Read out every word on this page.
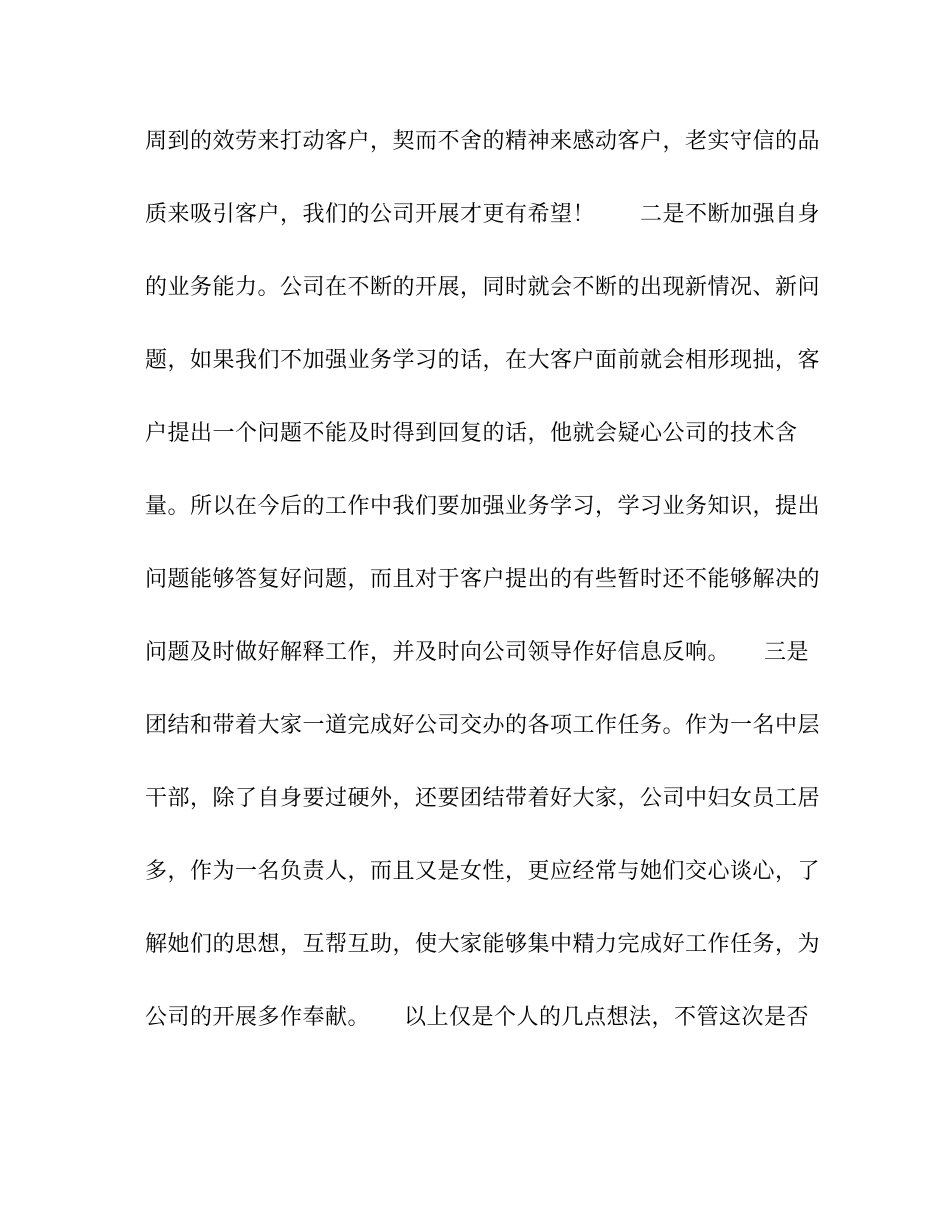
周到的效劳来打动客户，契而不舍的精神来感动客户，老实守信的品
质来吸引客户，我们的公司开展才更有希望！　　二是不断加强自身
的业务能力。公司在不断的开展，同时就会不断的出现新情况、新问
题，如果我们不加强业务学习的话，在大客户面前就会相形现拙，客
户提出一个问题不能及时得到回复的话，他就会疑心公司的技术含
量。所以在今后的工作中我们要加强业务学习，学习业务知识，提出
问题能够答复好问题，而且对于客户提出的有些暂时还不能够解决的
问题及时做好解释工作，并及时向公司领导作好信息反响。　　三是
团结和带着大家一道完成好公司交办的各项工作任务。作为一名中层
干部，除了自身要过硬外，还要团结带着好大家，公司中妇女员工居
多，作为一名负责人，而且又是女性，更应经常与她们交心谈心，了
解她们的思想，互帮互助，使大家能够集中精力完成好工作任务，为
公司的开展多作奉献。　　以上仅是个人的几点想法，不管这次是否
